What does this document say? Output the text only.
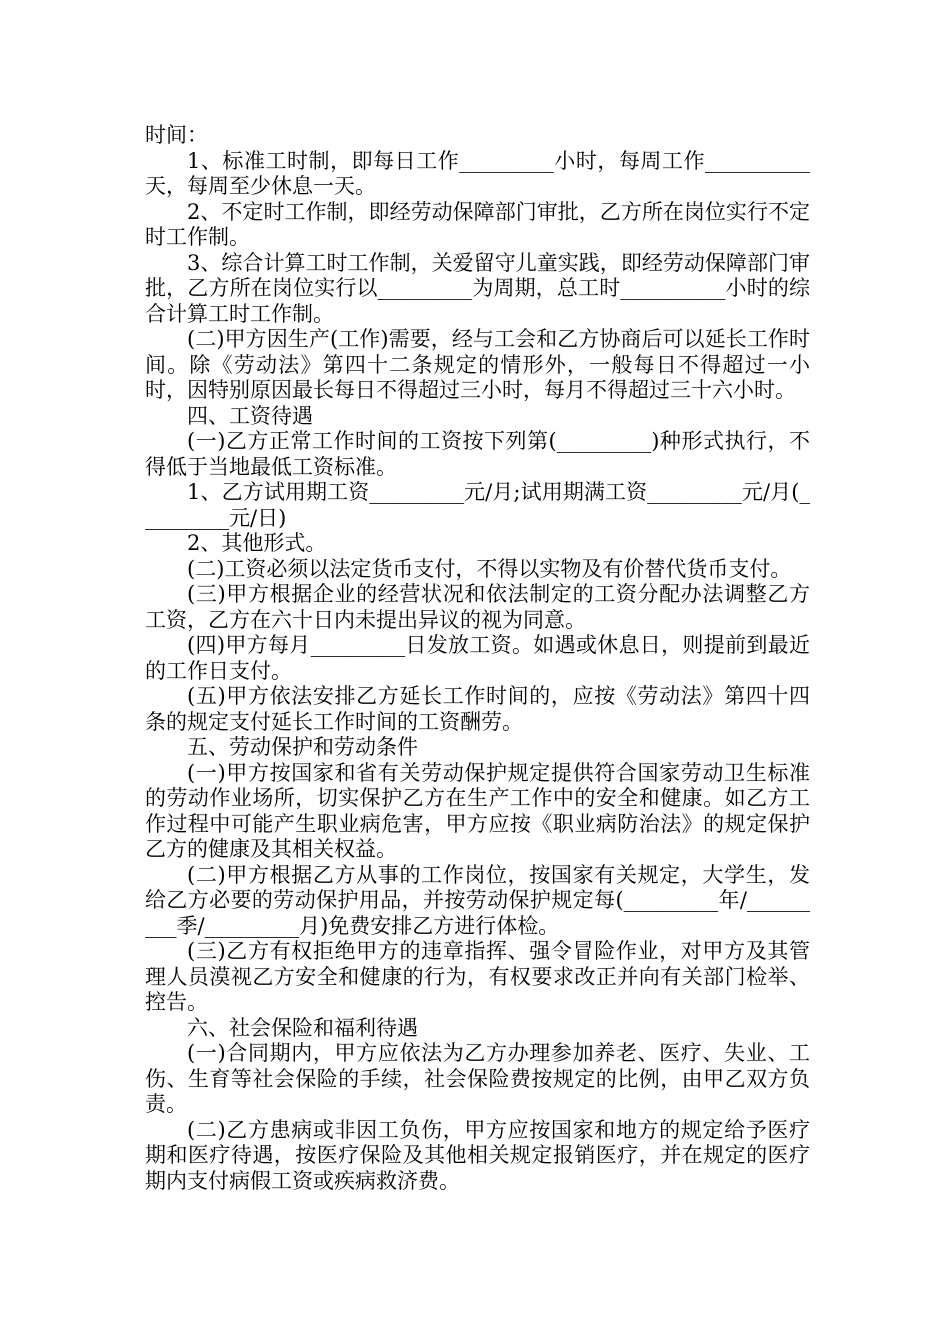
时间：

1、标准工时制，即每日工作_________小时，每周工作__________天，每周至少休息一天。

2、不定时工作制，即经劳动保障部门审批，乙方所在岗位实行不定时工作制。

3、综合计算工时工作制，关爱留守儿童实践，即经劳动保障部门审批，乙方所在岗位实行以_________为周期，总工时__________小时的综合计算工时工作制。

(二)甲方因生产(工作)需要，经与工会和乙方协商后可以延长工作时间。除《劳动法》第四十二条规定的情形外，一般每日不得超过一小时，因特别原因最长每日不得超过三小时，每月不得超过三十六小时。

四、工资待遇

(一)乙方正常工作时间的工资按下列第(_________)种形式执行，不得低于当地最低工资标准。

1、乙方试用期工资_________元/月;试用期满工资_________元/月(_________元/日)

2、其他形式。

(二)工资必须以法定货币支付，不得以实物及有价替代货币支付。

(三)甲方根据企业的经营状况和依法制定的工资分配办法调整乙方工资，乙方在六十日内未提出异议的视为同意。

(四)甲方每月_________日发放工资。如遇或休息日，则提前到最近的工作日支付。

(五)甲方依法安排乙方延长工作时间的，应按《劳动法》第四十四条的规定支付延长工作时间的工资酬劳。

五、劳动保护和劳动条件

(一)甲方按国家和省有关劳动保护规定提供符合国家劳动卫生标准的劳动作业场所，切实保护乙方在生产工作中的安全和健康。如乙方工作过程中可能产生职业病危害，甲方应按《职业病防治法》的规定保护乙方的健康及其相关权益。

(二)甲方根据乙方从事的工作岗位，按国家有关规定，大学生，发给乙方必要的劳动保护用品，并按劳动保护规定每(_________年/_________季/_________月)免费安排乙方进行体检。

(三)乙方有权拒绝甲方的违章指挥、强令冒险作业，对甲方及其管理人员漠视乙方安全和健康的行为，有权要求改正并向有关部门检举、控告。

六、社会保险和福利待遇

(一)合同期内，甲方应依法为乙方办理参加养老、医疗、失业、工伤、生育等社会保险的手续，社会保险费按规定的比例，由甲乙双方负责。

(二)乙方患病或非因工负伤，甲方应按国家和地方的规定给予医疗期和医疗待遇，按医疗保险及其他相关规定报销医疗，并在规定的医疗期内支付病假工资或疾病救济费。
